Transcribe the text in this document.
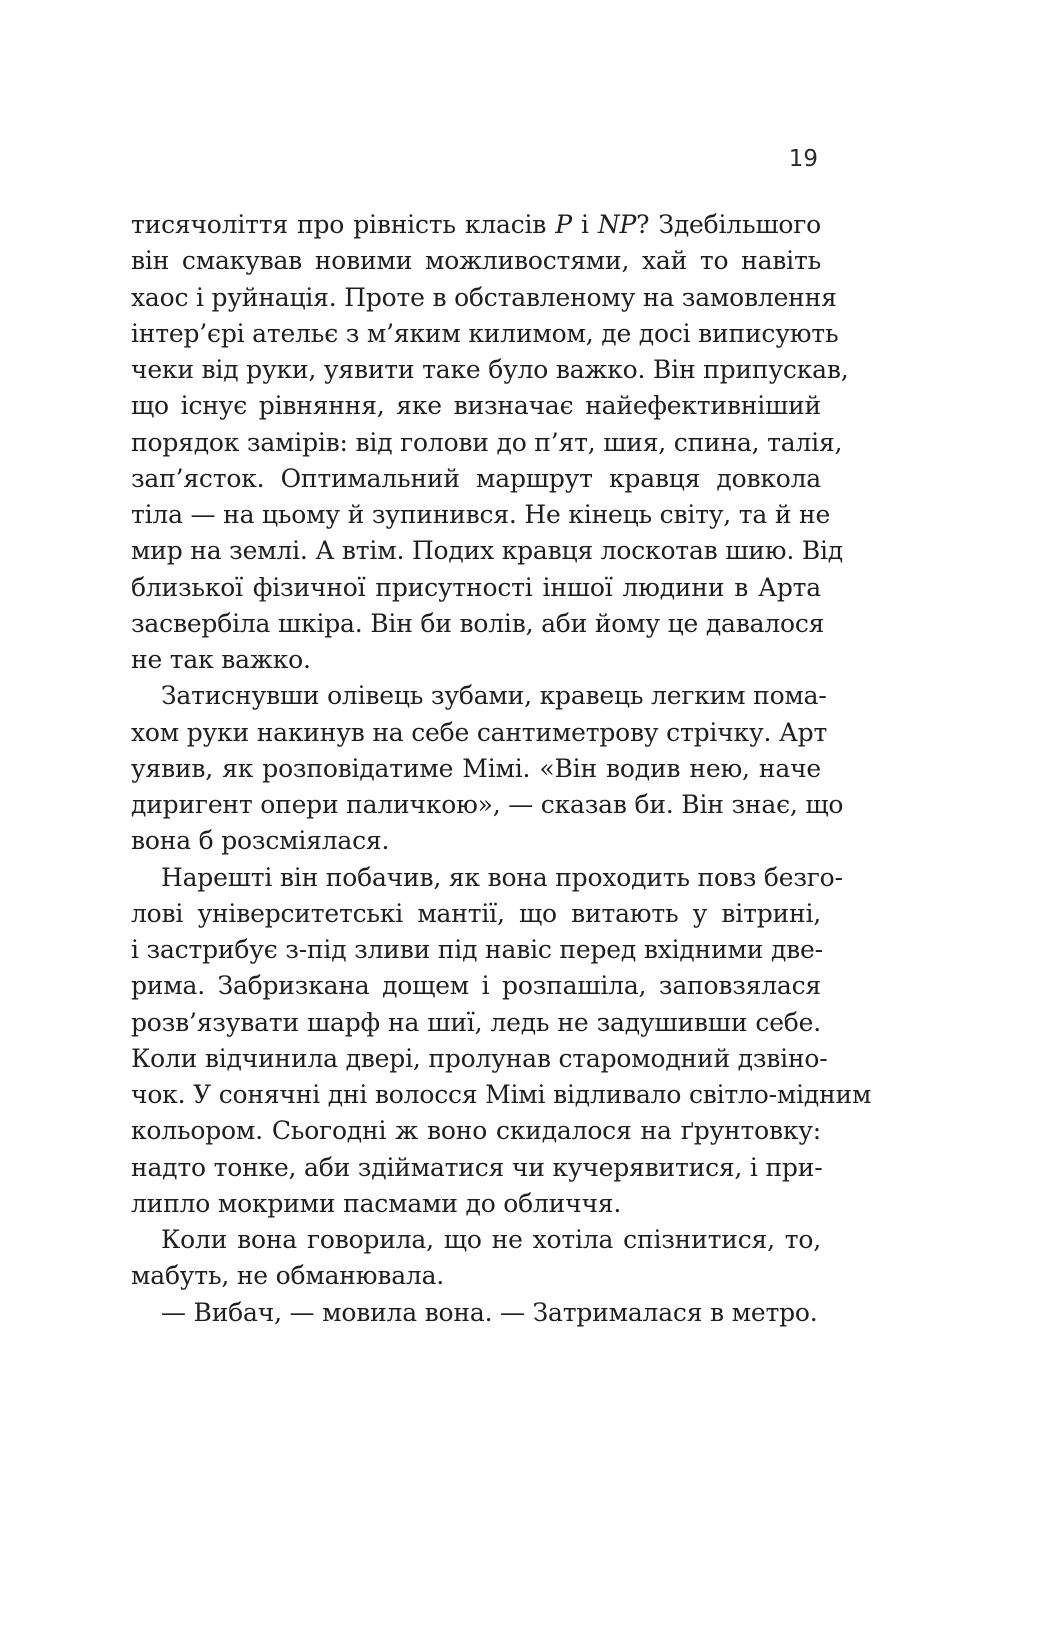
19
тисячоліття про рівність класів P і NP? Здебільшого
він смакував новими можливостями, хай то навіть
хаос і руйнація. Проте в обставленому на замовлення
інтер’єрі ательє з м’яким килимом, де досі виписують
чеки від руки, уявити таке було важко. Він припускав,
що існує рівняння, яке визначає найефективніший
порядок замірів: від голови до п’ят, шия, спина, талія,
зап’ясток. Оптимальний маршрут кравця довкола
тіла — на цьому й зупинився. Не кінець світу, та й не
мир на землі. А втім. Подих кравця лоскотав шию. Від
близької фізичної присутності іншої людини в Арта
засвербіла шкіра. Він би волів, аби йому це давалося
не так важко.
Затиснувши олівець зубами, кравець легким пома-
хом руки накинув на себе сантиметрову стрічку. Арт
уявив, як розповідатиме Мімі. «Він водив нею, наче
диригент опери паличкою», — сказав би. Він знає, що
вона б розсміялася.
Нарешті він побачив, як вона проходить повз безго-
лові університетські мантії, що витають у вітрині,
і застрибує з-під зливи під навіс перед вхідними две-
рима. Забризкана дощем і розпашіла, заповзялася
розв’язувати шарф на шиї, ледь не задушивши себе.
Коли відчинила двері, пролунав старомодний дзвіно-
чок. У сонячні дні волосся Мімі відливало світло-мідним
кольором. Сьогодні ж воно скидалося на ґрунтовку:
надто тонке, аби здійматися чи кучерявитися, і при-
липло мокрими пасмами до обличчя.
Коли вона говорила, що не хотіла спізнитися, то,
мабуть, не обманювала.
— Вибач, — мовила вона. — Затрималася в метро.
